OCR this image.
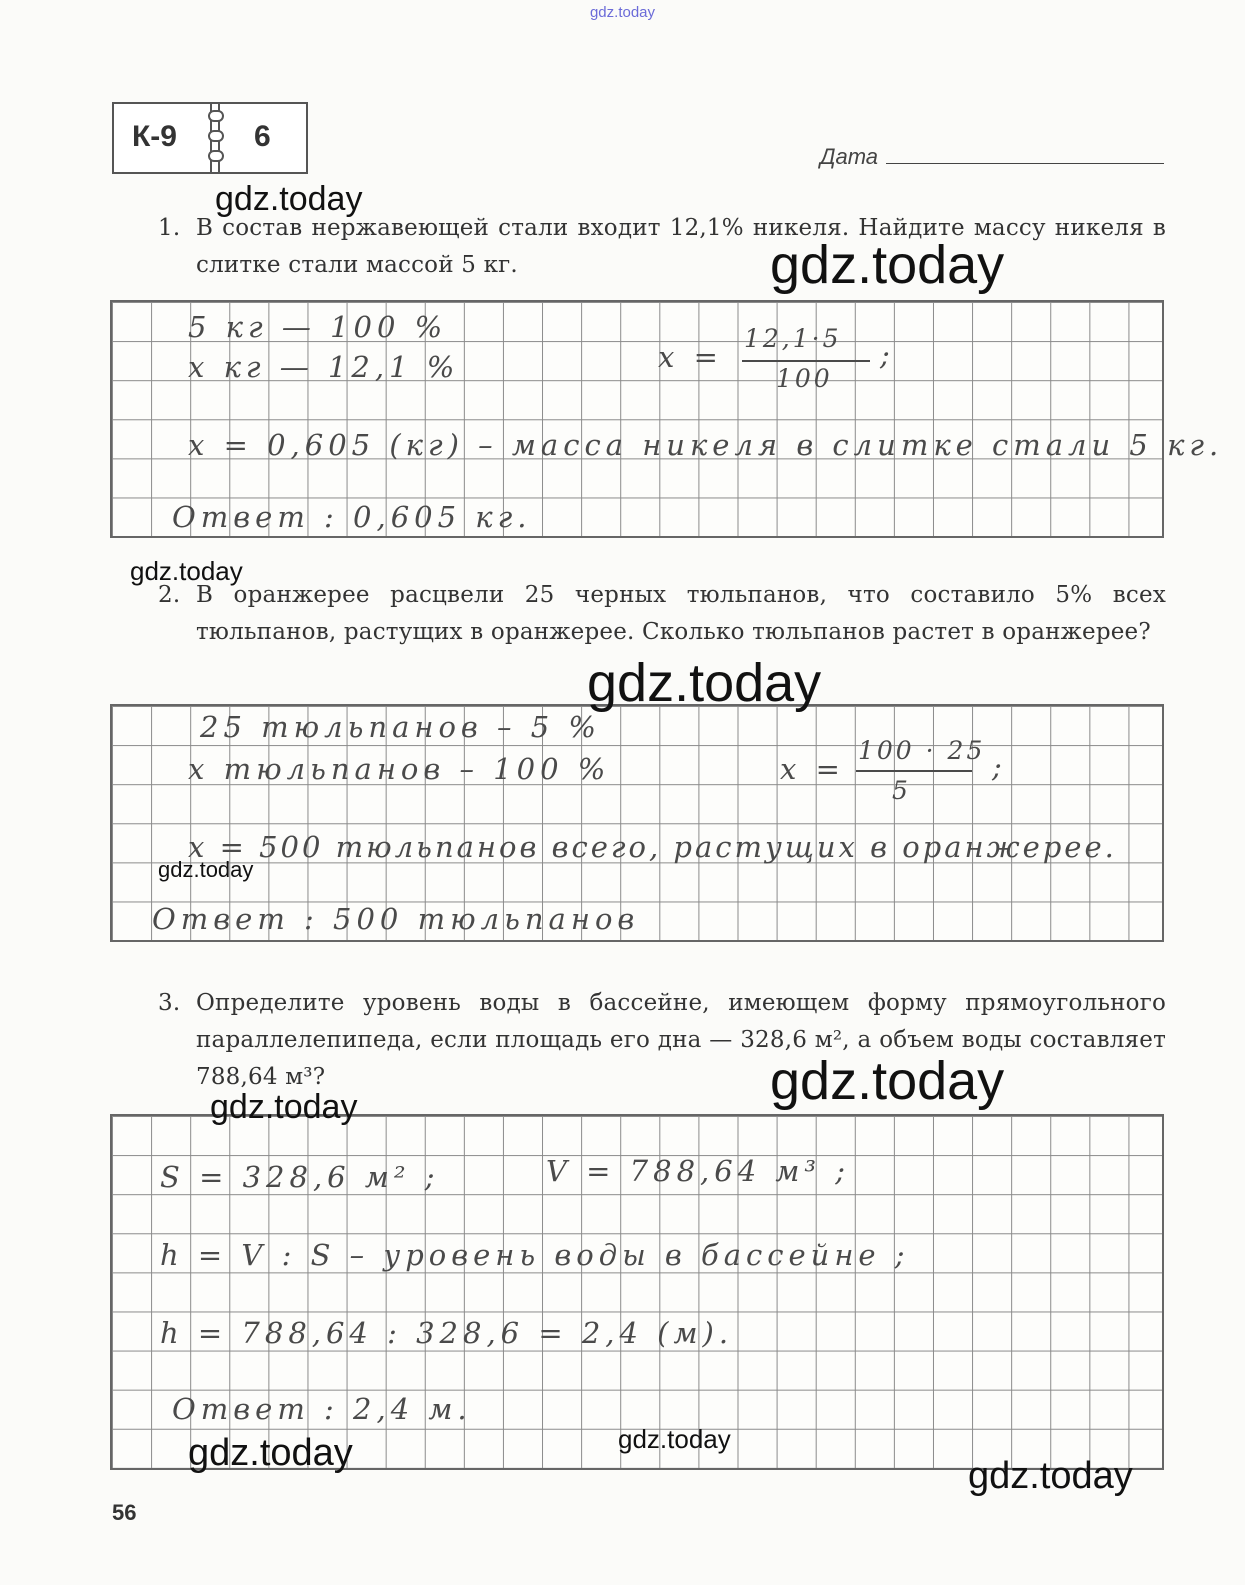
gdz.today
К-9	6
Дата
1. В состав нержавеющей стали входит 12,1% никеля. Найдите массу никеля в слитке стали массой 5 кг.
5 кг — 100 %
x кг — 12,1 %	x =
12,1·5
100
;
x = 0,605 (кг) – масса никеля в слитке стали 5 кг.
Ответ : 0,605 кг.
2. В оранжерее расцвели 25 черных тюльпанов, что составило 5% всех тюльпанов, растущих в оранжерее. Сколько тюльпанов растет в оранжерее?
25 тюльпанов – 5 %
x тюльпанов – 100 %	x =
100 · 25
5
;
x = 500 тюльпанов всего, растущих в оранжерее.
Ответ : 500 тюльпанов
3. Определите уровень воды в бассейне, имеющем форму прямоугольного параллелепипеда, если площадь его дна — 328,6 м², а объем воды составляет 788,64 м³?
S = 328,6 м² ;	V = 788,64 м³ ;
h = V : S – уровень воды в бассейне ;
h = 788,64 : 328,6 = 2,4 (м).
Ответ : 2,4 м.
56
gdz.today
gdz.today
gdz.today
gdz.today
gdz.today
gdz.today
gdz.today
gdz.today
gdz.today
gdz.today
